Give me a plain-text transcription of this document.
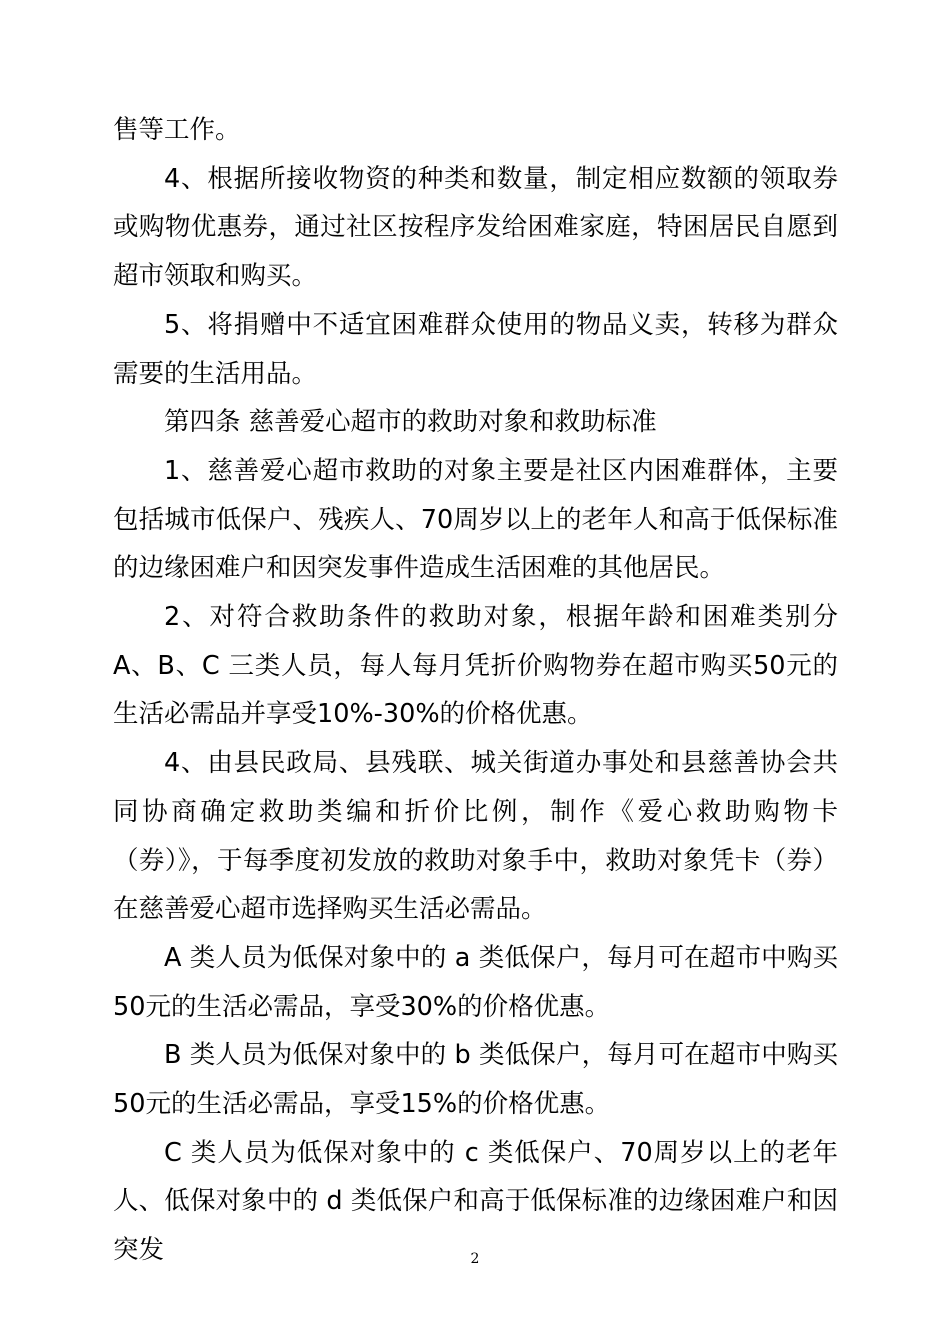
售等工作。

4、根据所接收物资的种类和数量，制定相应数额的领取券或购物优惠券，通过社区按程序发给困难家庭，特困居民自愿到超市领取和购买。

5、将捐赠中不适宜困难群众使用的物品义卖，转移为群众需要的生活用品。

第四条 慈善爱心超市的救助对象和救助标准

1、慈善爱心超市救助的对象主要是社区内困难群体，主要包括城市低保户、残疾人、70周岁以上的老年人和高于低保标准的边缘困难户和因突发事件造成生活困难的其他居民。

2、对符合救助条件的救助对象，根据年龄和困难类别分 A、B、C 三类人员，每人每月凭折价购物券在超市购买50元的生活必需品并享受10%-30%的价格优惠。

4、由县民政局、县残联、城关街道办事处和县慈善协会共同协商确定救助类编和折价比例，制作《爱心救助购物卡（券）》，于每季度初发放的救助对象手中，救助对象凭卡（券）在慈善爱心超市选择购买生活必需品。

A 类人员为低保对象中的 a 类低保户，每月可在超市中购买50元的生活必需品，享受30%的价格优惠。

B 类人员为低保对象中的 b 类低保户，每月可在超市中购买50元的生活必需品，享受15%的价格优惠。

C 类人员为低保对象中的 c 类低保户、70周岁以上的老年人、低保对象中的 d 类低保户和高于低保标准的边缘困难户和因突发	2
